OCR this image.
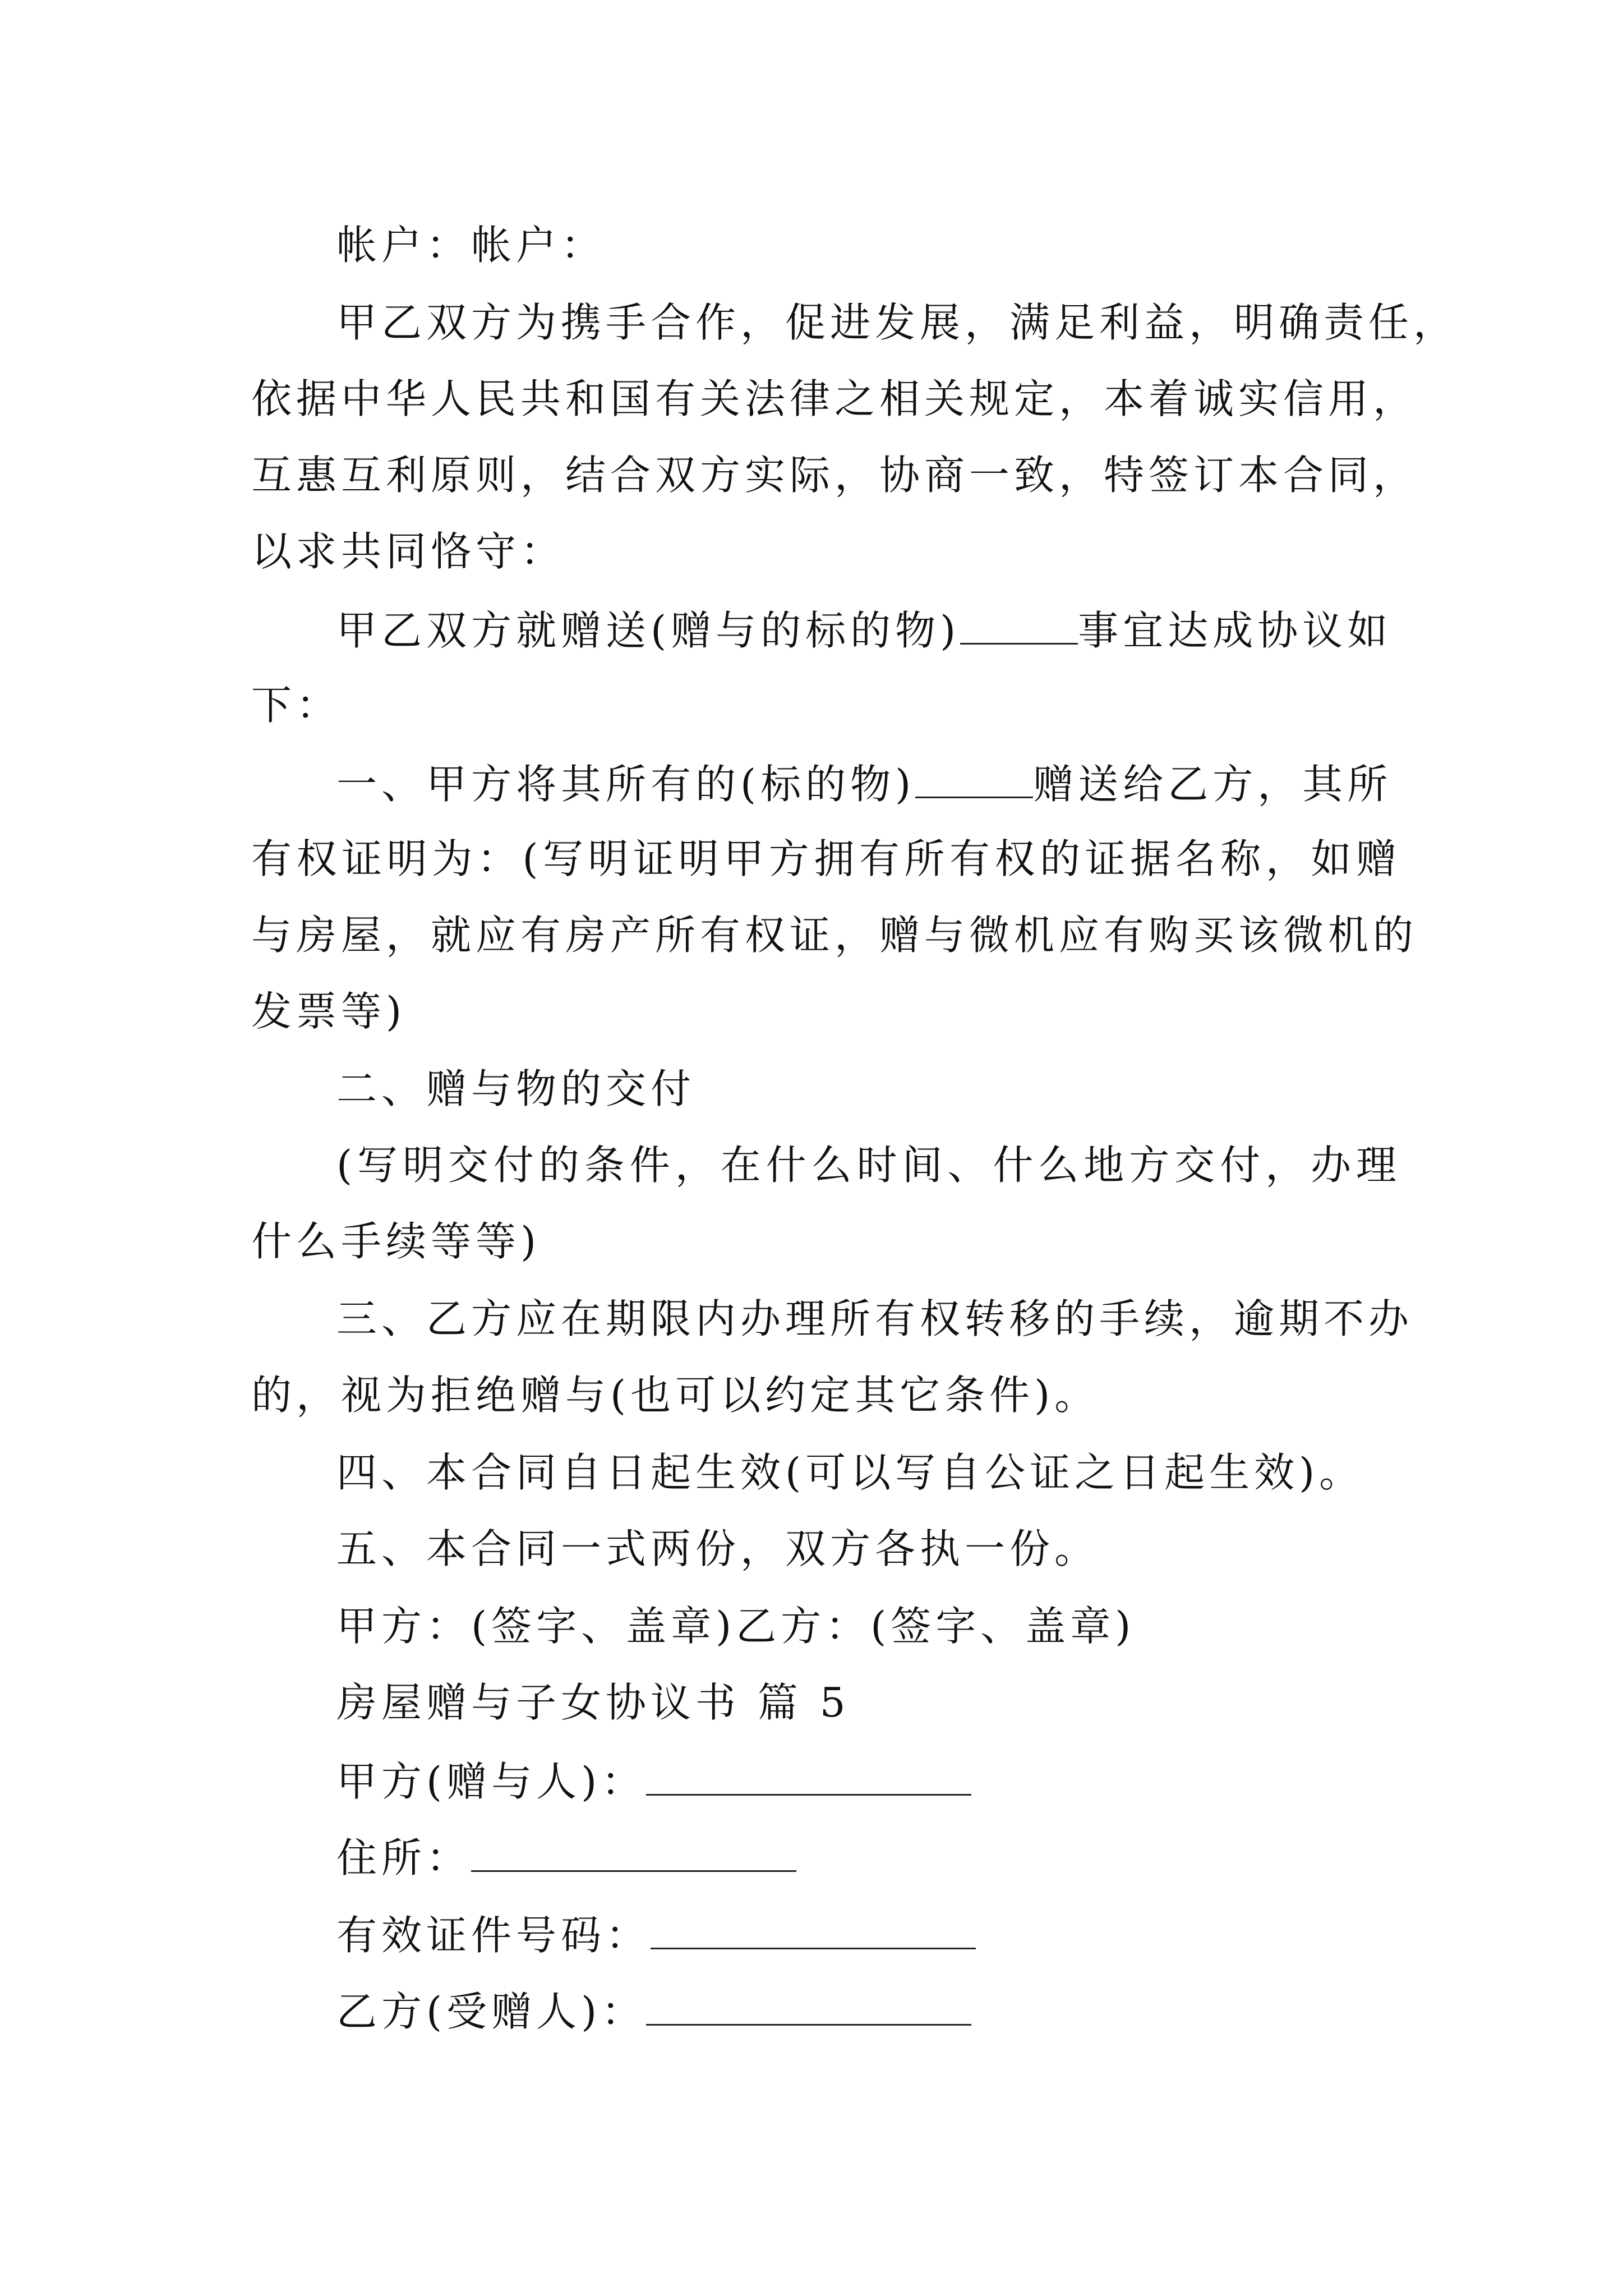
帐户：帐户：
甲乙双方为携手合作，促进发展，满足利益，明确责任，
依据中华人民共和国有关法律之相关规定，本着诚实信用，
互惠互利原则，结合双方实际，协商一致，特签订本合同，
以求共同恪守：
甲乙双方就赠送(赠与的标的物)	事宜达成协议如
下：
一、甲方将其所有的(标的物)	赠送给乙方，其所
有权证明为：(写明证明甲方拥有所有权的证据名称，如赠
与房屋，就应有房产所有权证，赠与微机应有购买该微机的
发票等)
二、赠与物的交付
(写明交付的条件，在什么时间、什么地方交付，办理
什么手续等等)
三、乙方应在期限内办理所有权转移的手续，逾期不办
的，视为拒绝赠与(也可以约定其它条件)。
四、本合同自日起生效(可以写自公证之日起生效)。
五、本合同一式两份，双方各执一份。
甲方：(签字、盖章)乙方：(签字、盖章)
房屋赠与子女协议书 篇 5
甲方(赠与人)：
住所：
有效证件号码：
乙方(受赠人)：
